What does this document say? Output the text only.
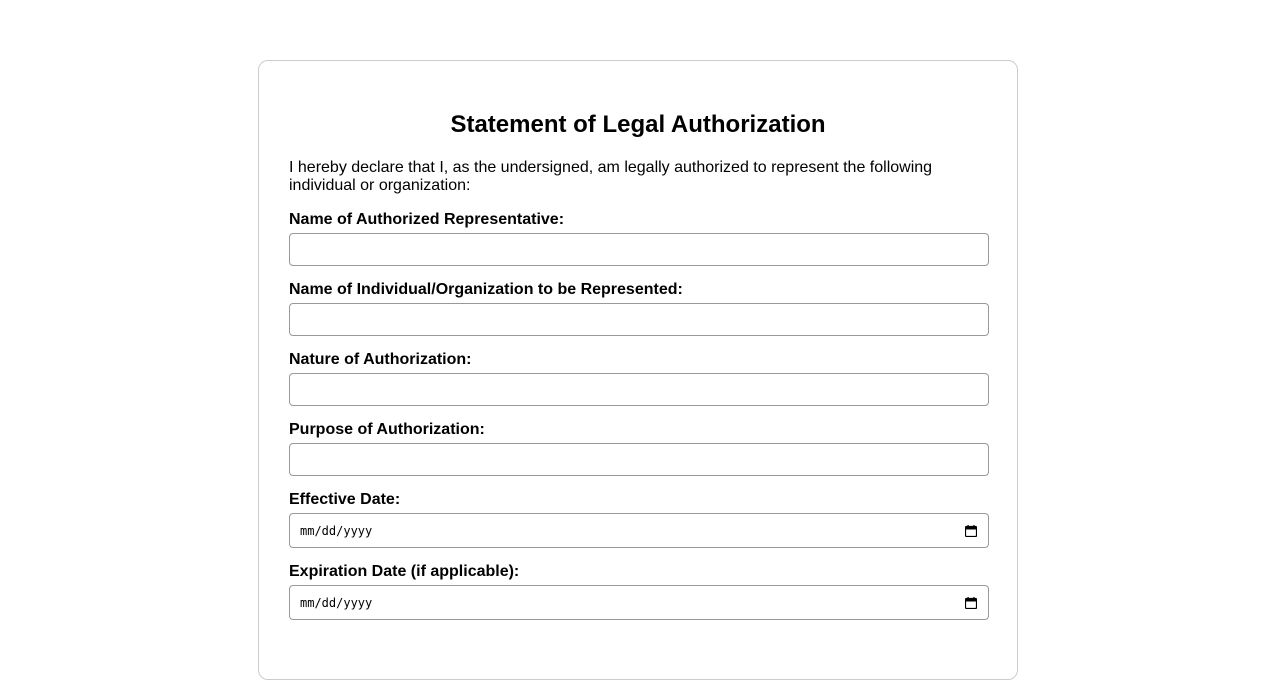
Statement of Legal Authorization

I hereby declare that I, as the undersigned, am legally authorized to represent the following individual or organization:

Name of Authorized Representative:
Name of Individual/Organization to be Represented:
Nature of Authorization:
Purpose of Authorization:
Effective Date:
mm/dd/yyyy
Expiration Date (if applicable):
mm/dd/yyyy
